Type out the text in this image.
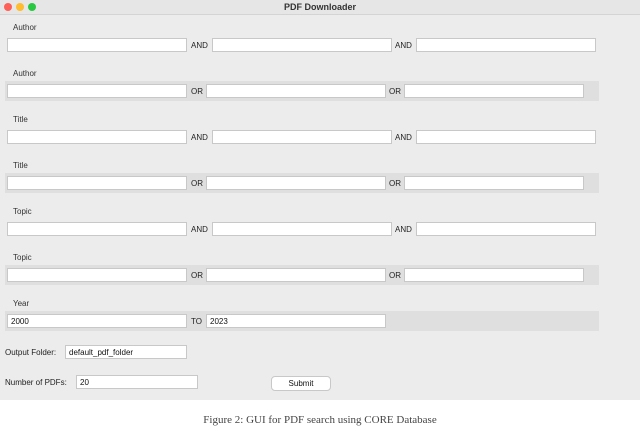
PDF Downloader
Author
AND	AND
Author
OR	OR
Title
AND	AND
Title
OR	OR
Topic
AND	AND
Topic
OR	OR
Year
2000
TO
2023
Output Folder:
default_pdf_folder
Number of PDFs:
20	Submit
Figure 2: GUI for PDF search using CORE Database
